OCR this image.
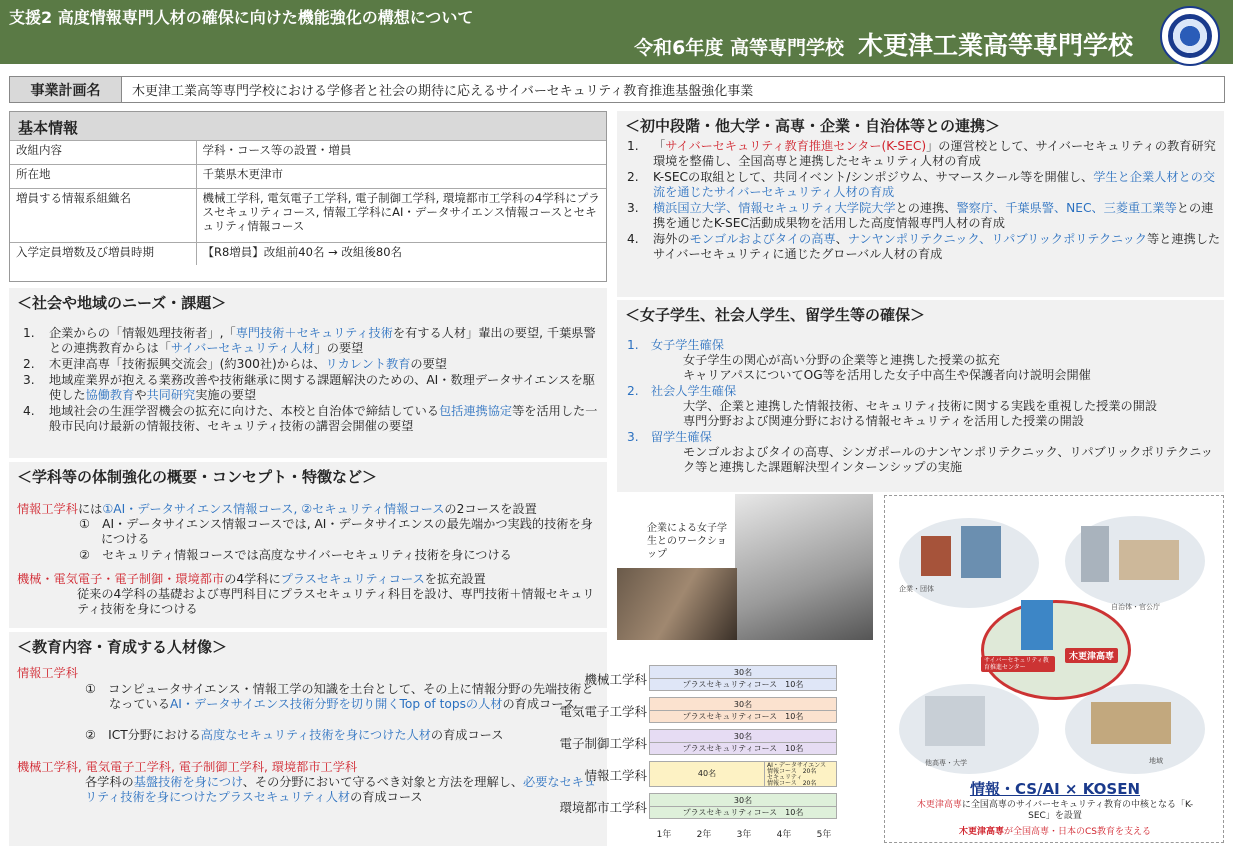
支援2 高度情報専門人材の確保に向けた機能強化の構想について
令和6年度 高等専門学校 木更津工業高等専門学校
事業計画名	木更津工業高等専門学校における学修者と社会の期待に応えるサイバーセキュリティ教育推進基盤強化事業
基本情報
改組内容	学科・コース等の設置・増員
所在地	千葉県木更津市
増員する情報系組織名	機械工学科, 電気電子工学科, 電子制御工学科, 環境都市工学科の4学科にプラスセキュリティコース, 情報工学科にAI・データサイエンス情報コースとセキュリティ情報コース
入学定員増数及び増員時期	【R8増員】改組前40名 → 改組後80名
＜社会や地域のニーズ・課題＞
1. 企業からの「情報処理技術者」,「専門技術＋セキュリティ技術を有する人材」輩出の要望, 千葉県警との連携教育からは「サイバーセキュリティ人材」の要望
2. 木更津高専「技術振興交流会」(約300社)からは、リカレント教育の要望
3. 地域産業界が抱える業務改善や技術継承に関する課題解決のための、AI・数理データサイエンスを駆使した協働教育や共同研究実施の要望
4. 地域社会の生涯学習機会の拡充に向けた、本校と自治体で締結している包括連携協定等を活用した一般市民向け最新の情報技術、セキュリティ技術の講習会開催の要望
＜学科等の体制強化の概要・コンセプト・特徴など＞
情報工学科には①AI・データサイエンス情報コース, ②セキュリティ情報コースの2コースを設置
①　AI・データサイエンス情報コースでは, AI・データサイエンスの最先端かつ実践的技術を身につける
②　セキュリティ情報コースでは高度なサイバーセキュリティ技術を身につける
機械・電気電子・電子制御・環境都市の4学科にプラスセキュリティコースを拡充設置
従来の4学科の基礎および専門科目にプラスセキュリティ科目を設け、専門技術＋情報セキュリティ技術を身につける
＜教育内容・育成する人材像＞
情報工学科
①　コンピュータサイエンス・情報工学の知識を土台として、その上に情報分野の先端技術となっているAI・データサイエンス技術分野を切り開くTop of topsの人材の育成コース
②　ICT分野における高度なセキュリティ技術を身につけた人材の育成コース
機械工学科, 電気電子工学科, 電子制御工学科, 環境都市工学科
各学科の基盤技術を身につけ、その分野において守るべき対象と方法を理解し、必要なセキュリティ技術を身につけたプラスセキュリティ人材の育成コース
＜初中段階・他大学・高専・企業・自治体等との連携＞
1. 「サイバーセキュリティ教育推進センター(K-SEC)」の運営校として、サイバーセキュリティの教育研究環境を整備し、全国高専と連携したセキュリティ人材の育成
2. K-SECの取組として、共同イベント/シンポジウム、サマースクール等を開催し、学生と企業人材との交流を通じたサイバーセキュリティ人材の育成
3. 横浜国立大学、情報セキュリティ大学院大学との連携、警察庁、千葉県警、NEC、三菱重工業等との連携を通じたK-SEC活動成果物を活用した高度情報専門人材の育成
4. 海外のモンゴルおよびタイの高専、ナンヤンポリテクニック、リパブリックポリテクニック等と連携したサイバーセキュリティに通じたグローバル人材の育成
＜女子学生、社会人学生、留学生等の確保＞
1.　女子学生確保
女子学生の関心が高い分野の企業等と連携した授業の拡充
キャリアパスについてOG等を活用した女子中高生や保護者向け説明会開催
2.　社会人学生確保
大学、企業と連携した情報技術、セキュリティ技術に関する実践を重視した授業の開設
専門分野および関連分野における情報セキュリティを活用した授業の開設
3.　留学生確保
モンゴルおよびタイの高専、シンガポールのナンヤンポリテクニック、リパブリックポリテクニック等と連携した課題解決型インターンシップの実施
企業による女子学生とのワークショップ
機械工学科	30名
プラスセキュリティコース　10名
電気電子工学科	30名
プラスセキュリティコース　10名
電子制御工学科	30名
プラスセキュリティコース　10名
情報工学科	40名
AI・データサイエンス
情報コース　20名
セキュリティ
情報コース　20名
環境都市工学科	30名
プラスセキュリティコース　10名
1年	2年	3年	4年	5年
企業・団体
自治体・官公庁
他高専・大学	地域
サイバーセキュリティ教育推進センター
木更津高専
情報・CS/AI × KOSEN
木更津高専に全国高専のサイバーセキュリティ教育の中核となる「K-SEC」を設置
木更津高専が全国高専・日本のCS教育を支える
